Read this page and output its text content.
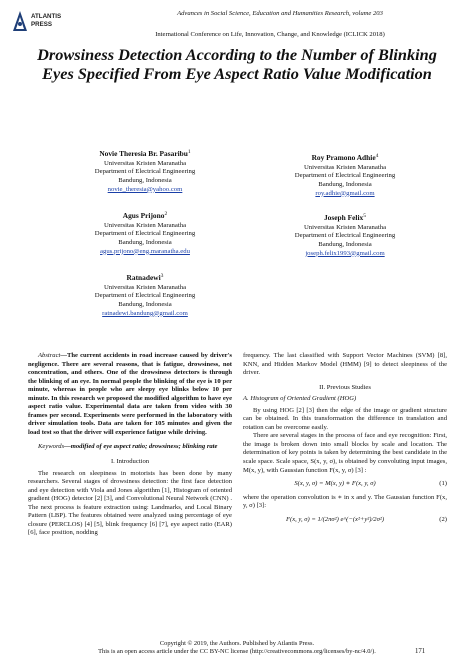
ATLANTIS
PRESS
Advances in Social Science, Education and Humanities Research, volume 203
International Conference on Life, Innovation, Change, and Knowledge (ICLICK 2018)
Drowsiness Detection According to the Number of Blinking Eyes Specified From Eye Aspect Ratio Value Modification
Novie Theresia Br. Pasaribu$^1$
Universitas Kristen Maranatha
Department of Electrical Engineering
Bandung, Indonesia
novie_theresia@yahoo.com
Agus Prijono$^2$
Universitas Kristen Maranatha
Department of Electrical Engineering
Bandung, Indonesia
agus.prijono@eng.maranatha.edu
Ratnadewi$^3$
Universitas Kristen Maranatha
Department of Electrical Engineering
Bandung, Indonesia
ratnadewi.bandung@gmail.com
Roy Pramono Adhie$^4$
Universitas Kristen Maranatha
Department of Electrical Engineering
Bandung, Indonesia
roy.adhie@gmail.com
Joseph Felix$^5$
Universitas Kristen Maranatha
Department of Electrical Engineering
Bandung, Indonesia
joseph.felix1993@gmail.com

Abstract—The current accidents in road increase caused by driver's negligence. There are several reasons, that is fatigue, drowsiness, not concentration, and others. One of the drowsiness detectors is through the blinking of an eye. In normal people the blinking of the eye is 10 per minute, whereas in people who are sleepy eye blinks below 10 per minute. In this research we proposed the modified algorithm to have eye aspect ratio value. Experimental data are taken from video with 30 frames per second. Experiments were performed in the laboratory with driver simulation tools. Data are taken for 105 minutes and given the load test so that the driver will experience fatigue while driving.

Keywords—modified of eye aspect ratio; drowsiness; blinking rate

I. Introduction

The research on sleepiness in motorists has been done by many researchers. Several stages of drowsiness detection: the first face detection and eye detection with Viola and Jones algorithm [1], Histogram of oriented gradient (HOG) detector [2] [3], and Convolutional Neural Network (CNN) . The next process is feature extraction using: Landmarks, and Local Binary Pattern (LBP). The features obtained were analyzed using percentage of eye closure (PERCLOS) [4] [5], blink frequency [6] [7], eye aspect ratio (EAR) [6], face position, nodding

frequency. The last classified with Support Vector Machines (SVM) [8], KNN, and Hidden Markov Model (HMM) [9] to detect sleepiness of the driver.

II. Previous Studies
A. Histogram of Oriented Gradient (HOG)

By using HOG [2] [3] then the edge of the image or gradient structure can be obtained. In this transformation the difference in translation and rotation can be overcome easily.

There are several stages in the process of face and eye recognition: First, the image is broken down into small blocks by scale and location. The determination of key points is taken by determining the best candidate in the scale space. Scale space, S(x, y, σ), is obtained by convoluting input images, M(x, y), with Gaussian function F(x, y, σ) [3] :

S(x, y, σ) = M(x, y) ∗ F(x, y, σ)	(1)

where the operation convolution is ∗ in x and y. The Gaussian function F(x, y, σ) [3]:

F(x, y, σ) = 1/(2πσ²) e^(−(x²+y²)/2σ²)	(2)
Copyright © 2019, the Authors. Published by Atlantis Press.
This is an open access article under the CC BY-NC license (http://creativecommons.org/licenses/by-nc/4.0/).	171
